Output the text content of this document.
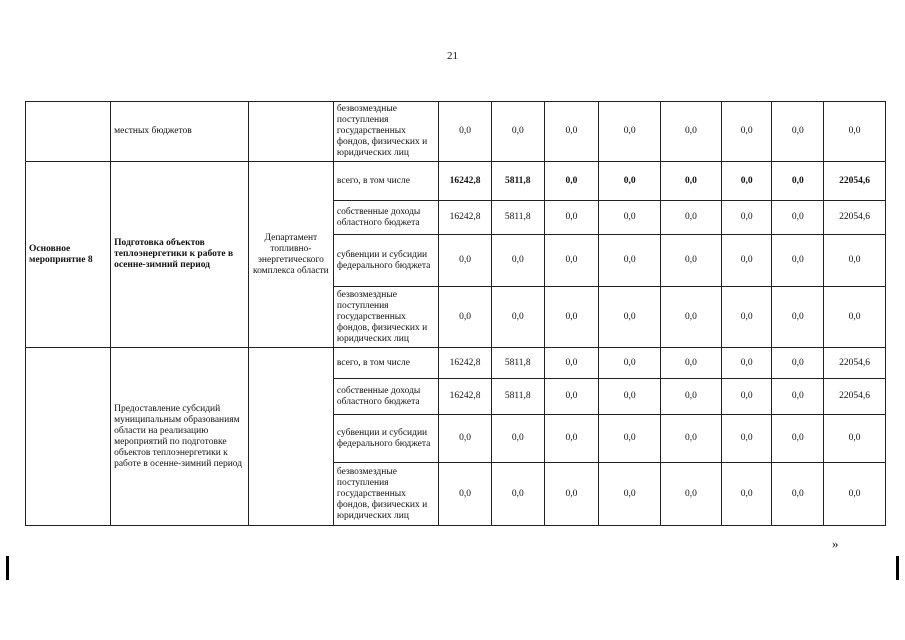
21
	местных бюджетов		безвозмездные поступления государственных фондов, физических и юридических лиц	0,0	0,0	0,0	0,0	0,0	0,0	0,0	0,0
Основное мероприятие 8	Подготовка объектов теплоэнергетики к работе в осенне-зимний период	Департамент топливно-энергетического комплекса области	всего, в том числе	16242,8	5811,8	0,0	0,0	0,0	0,0	0,0	22054,6
			собственные доходы областного бюджета	16242,8	5811,8	0,0	0,0	0,0	0,0	0,0	22054,6
			субвенции и субсидии федерального бюджета	0,0	0,0	0,0	0,0	0,0	0,0	0,0	0,0
			безвозмездные поступления государственных фондов, физических и юридических лиц	0,0	0,0	0,0	0,0	0,0	0,0	0,0	0,0
	Предоставление субсидий муниципальным образованиям области на реализацию мероприятий по подготовке объектов теплоэнергетики к работе в осенне-зимний период		всего, в том числе	16242,8	5811,8	0,0	0,0	0,0	0,0	0,0	22054,6
			собственные доходы областного бюджета	16242,8	5811,8	0,0	0,0	0,0	0,0	0,0	22054,6
			субвенции и субсидии федерального бюджета	0,0	0,0	0,0	0,0	0,0	0,0	0,0	0,0
			безвозмездные поступления государственных фондов, физических и юридических лиц	0,0	0,0	0,0	0,0	0,0	0,0	0,0	0,0
»
